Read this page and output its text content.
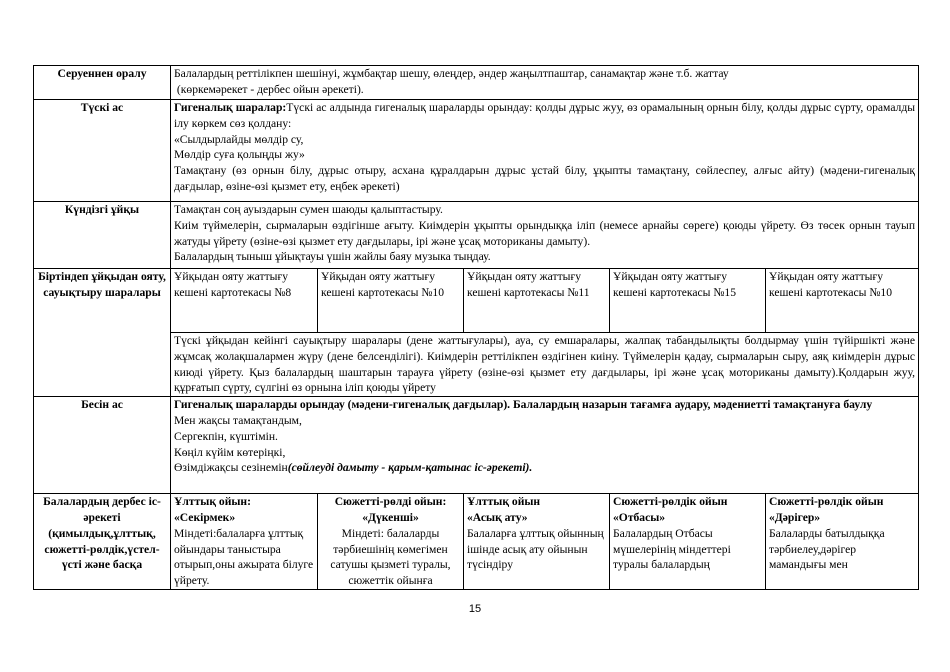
Серуеннен оралу	Балалардың реттілікпен шешінуі, жұмбақтар шешу, өлеңдер, әндер жаңылтпаштар, санамақтар және т.б. жаттау
(көркемәрекет - дербес ойын әрекеті).				

Түскі ас	Гигеналық шаралар:Түскі ас алдында гигеналық шараларды орындау: қолды дұрыс жуу, өз орамалының орнын білу, қолды дұрыс сүрту, орамалды ілу көркем сөз қолдану:
«Сылдырлайды мөлдір су,
Мөлдір суға қолыңды жу»
Тамақтану (өз орнын білу, дұрыс отыру, асхана құралдарын дұрыс ұстай білу, ұқыпты тамақтану, сөйлеспеу, алғыс айту) (мәдени-гигеналық дағдылар, өзіне-өзі қызмет ету, еңбек әрекеті)				

Күндізгі ұйқы	Тамақтан соң ауыздарын сумен шаюды қалыптастыру.
Киім түймелерін, сырмаларын өздігінше ағыту. Киімдерін ұқыпты орындыққа іліп (немесе арнайы сөреге) қоюды үйрету. Өз төсек орнын тауып жатуды үйрету (өзіне-өзі қызмет ету дағдылары, ірі және ұсақ моториканы дамыту).
Балалардың тыныш ұйықтауы үшін жайлы баяу музыка тыңдау.				

Біртіндеп ұйқыдан ояту, сауықтыру шаралары	Ұйқыдан ояту жаттығу кешені картотекасы №8	Ұйқыдан ояту жаттығу кешені картотекасы №10	Ұйқыдан ояту жаттығу кешені картотекасы №11	Ұйқыдан ояту жаттығу кешені картотекасы №15	Ұйқыдан ояту жаттығу кешені картотекасы №10
	Түскі ұйқыдан кейінгі сауықтыру шаралары (дене жаттығулары), ауа, су емшаралары, жалпақ табандылықты болдырмау үшін түйіршікті және жұмсақ жолақшалармен жүру (дене белсенділігі). Киімдерін реттілікпен өздігінен киіну. Түймелерін қадау, сырмаларын сыру, аяқ киімдерін дұрыс киюді үйрету. Қыз балалардың шаштарын тарауға үйрету (өзіне-өзі қызмет ету дағдылары, ірі және ұсақ моториканы дамыту).Қолдарын жуу, құрғатып сүрту, сүлгіні өз орнына іліп қоюды үйрету				
Бесін ас	Гигеналық шараларды орындау (мәдени-гигеналық дағдылар). Балалардың назарын тағамға аудару, мәдениетті тамақтануға баулу
Мен жақсы тамақтандым,
Сергекпін, күштімін.
Көңіл күйім көтеріңкі,
Өзімдіжақсы сезінемін(сөйлеуді дамыту - қарым-қатынас іс-әрекеті).				

Балалардың дербес іс-әрекеті (қимылдық,ұлттық, сюжетті-рөлдік,үстел-үсті және басқа	Ұлттық ойын:
«Секірмек»
Міндеті:балаларға ұлттық ойындары таныстыра отырып,оны ажырата білуге үйрету.	Сюжетті-рөлді ойын:
«Дүкенші»
Міндеті: балаларды тәрбиешінің көмегімен сатушы қызметі туралы, сюжеттік ойынға	Ұлттық ойын
«Асық ату»
Балаларға ұлттық ойынның ішінде асық ату ойынын түсіндіру	Сюжетті-рөлдік ойын
«Отбасы»
Балалардың Отбасы мүшелерінің міндеттері туралы балалардың	Сюжетті-рөлдік ойын
«Дәрігер»
Балаларды батылдыққа тәрбиелеу,дәрігер мамандығы мен
15
